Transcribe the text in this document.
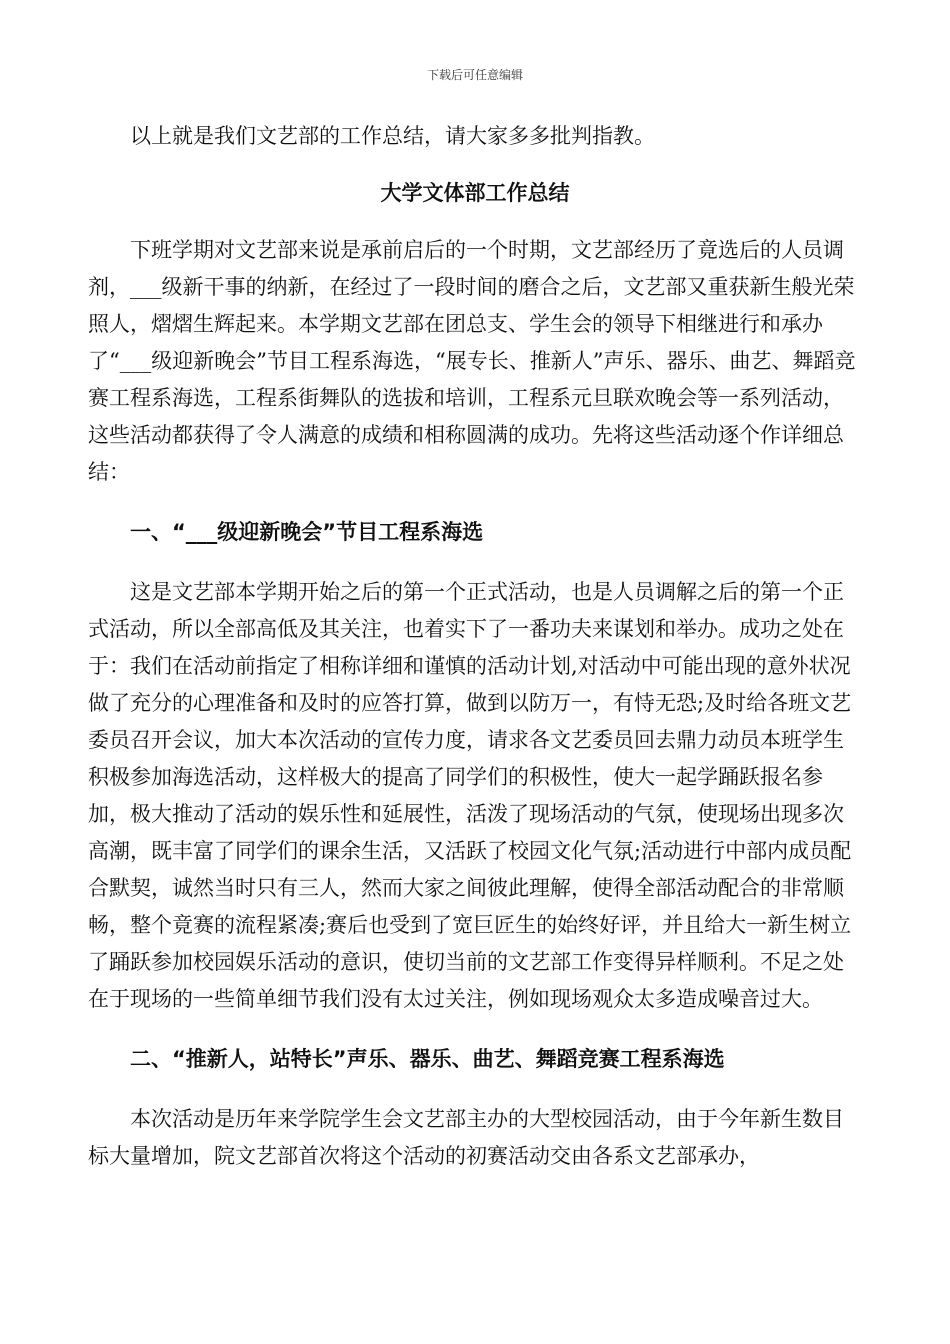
下载后可任意编辑

以上就是我们文艺部的工作总结，请大家多多批判指教。

大学文体部工作总结

下班学期对文艺部来说是承前启后的一个时期，文艺部经历了竟选后的人员调剂，___级新干事的纳新，在经过了一段时间的磨合之后，文艺部又重获新生般光荣照人，熠熠生辉起来。本学期文艺部在团总支、学生会的领导下相继进行和承办了“___级迎新晚会”节目工程系海选，“展专长、推新人”声乐、器乐、曲艺、舞蹈竞赛工程系海选，工程系街舞队的选拔和培训，工程系元旦联欢晚会等一系列活动，这些活动都获得了令人满意的成绩和相称圆满的成功。先将这些活动逐个作详细总结：

一、“___级迎新晚会”节目工程系海选

这是文艺部本学期开始之后的第一个正式活动，也是人员调解之后的第一个正式活动，所以全部高低及其关注，也着实下了一番功夫来谋划和举办。成功之处在于：我们在活动前指定了相称详细和谨慎的活动计划,对活动中可能出现的意外状况做了充分的心理准备和及时的应答打算，做到以防万一，有恃无恐;及时给各班文艺委员召开会议，加大本次活动的宣传力度，请求各文艺委员回去鼎力动员本班学生积极参加海选活动，这样极大的提高了同学们的积极性，使大一起学踊跃报名参加，极大推动了活动的娱乐性和延展性，活泼了现场活动的气氛，使现场出现多次高潮，既丰富了同学们的课余生活，又活跃了校园文化气氛;活动进行中部内成员配合默契，诚然当时只有三人，然而大家之间彼此理解，使得全部活动配合的非常顺畅，整个竟赛的流程紧凑;赛后也受到了宽巨匠生的始终好评，并且给大一新生树立了踊跃参加校园娱乐活动的意识，使切当前的文艺部工作变得异样顺利。不足之处在于现场的一些简单细节我们没有太过关注，例如现场观众太多造成噪音过大。

二、“推新人，站特长”声乐、器乐、曲艺、舞蹈竞赛工程系海选

本次活动是历年来学院学生会文艺部主办的大型校园活动，由于今年新生数目标大量增加，院文艺部首次将这个活动的初赛活动交由各系文艺部承办，
